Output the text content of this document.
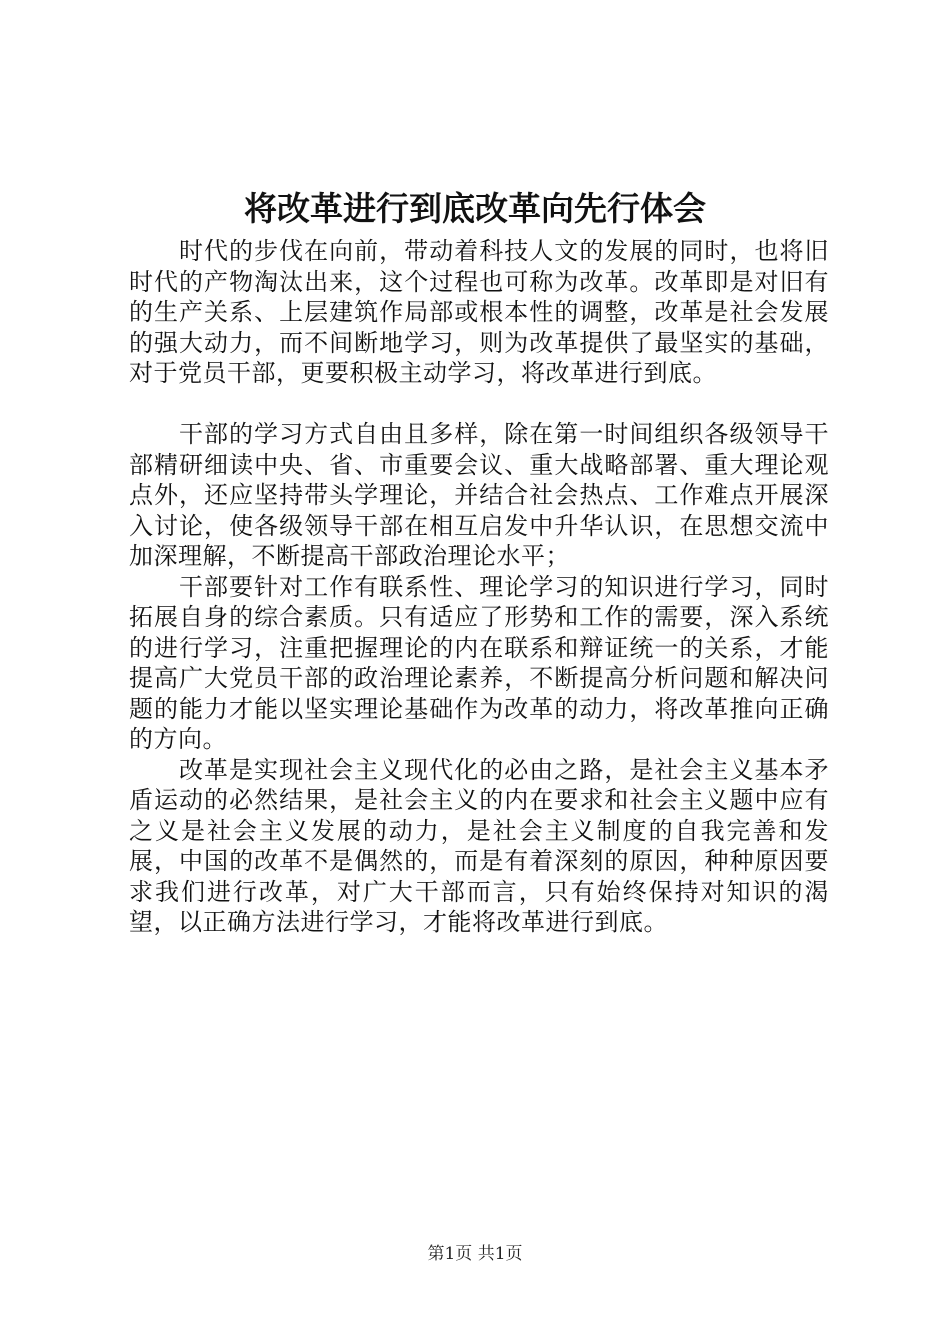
将改革进行到底改革向先行体会

时代的步伐在向前，带动着科技人文的发展的同时，也将旧时代的产物淘汰出来，这个过程也可称为改革。改革即是对旧有的生产关系、上层建筑作局部或根本性的调整，改革是社会发展的强大动力，而不间断地学习，则为改革提供了最坚实的基础，对于党员干部，更要积极主动学习，将改革进行到底。

干部的学习方式自由且多样，除在第一时间组织各级领导干部精研细读中央、省、市重要会议、重大战略部署、重大理论观点外，还应坚持带头学理论，并结合社会热点、工作难点开展深入讨论，使各级领导干部在相互启发中升华认识，在思想交流中加深理解，不断提高干部政治理论水平；

干部要针对工作有联系性、理论学习的知识进行学习，同时拓展自身的综合素质。只有适应了形势和工作的需要，深入系统的进行学习，注重把握理论的内在联系和辩证统一的关系，才能提高广大党员干部的政治理论素养，不断提高分析问题和解决问题的能力才能以坚实理论基础作为改革的动力，将改革推向正确的方向。

改革是实现社会主义现代化的必由之路，是社会主义基本矛盾运动的必然结果，是社会主义的内在要求和社会主义题中应有之义是社会主义发展的动力，是社会主义制度的自我完善和发展，中国的改革不是偶然的，而是有着深刻的原因，种种原因要求我们进行改革，对广大干部而言，只有始终保持对知识的渴望，以正确方法进行学习，才能将改革进行到底。

第1页 共1页
